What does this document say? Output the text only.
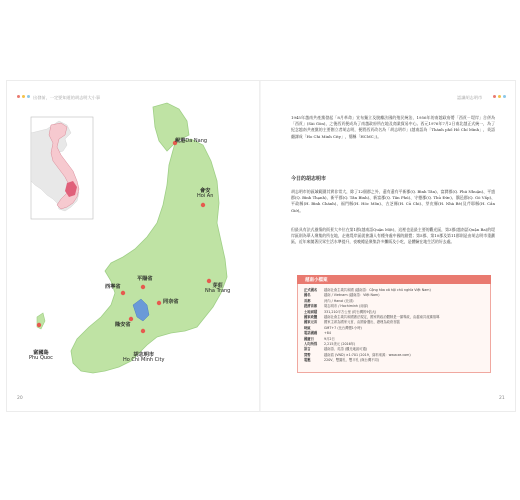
出發前，一定要知道的胡志明大小事
峴港Da Nang
會安
Hoi An
平陽省
西寧省
同奈省
芽莊
Nha Trang
隆安省
富國島
Phu Quoc
胡志明市
Ho Chi Minh City
20
認識胡志明市
1945年越南共產黨發起「8月革命」宣布獨立及脫離法國的殖民統治，1956年的南越政府將「西貢－堤岸」合併為「西貢」(Sài Gòn)，之後西貢便成為了南越政府所在地及商業貿易中心。西元1976年7月2日南北越正式統一，為了紀念越南共產黨的主要創立者胡志明，便將西貢改名為「胡志明市」(越南語為「Thành phố Hồ Chí Minh」，英語翻譯成「Ho Chi Minh City」，簡稱「HCMC」)。
今日的胡志明市
胡志明市的區域範圍其實非常大，除了12個郡之外，還有還有平新郡(Q. Bình Tân)、富潤郡(Q. Phú Nhuận)、平盛郡(Q. Bình Thạnh)、新平郡(Q. Tân Bình)、新富郡(Q. Tân Phú)、守德郡(Q. Thủ Đức)、鵝邑郡(Q. Gò Vấp)、平政縣(H. Bình Chánh)、福門縣(H. Hóc Môn)、古芝縣(H. Củ Chi)、芽皮縣(H. Nhà Bè)及芹耶縣(H. Cần Giờ)。
但最具有法式風情的街景大多位在第1郡(越南語Quận Một)，這裡也是最主要的觀光區，第3郡(越南語Quận Ba)的堤岸區則為華人聚集的所在地，走進堤岸區就會讓人有種身處中國的錯覺；第5郡、第10郡及第11郡則是由胡志明市重劃區，近年來隨著民眾生活水準提升，夜晚總是聚集許多攤販及小吃，是體驗在地生活的好去處。
越南小檔案
正式國名	越南社會主義共和國 (越南語：Cộng hòa xã hội chủ nghĩa Việt Nam)
國名	越南 / Vietnam (越南語：Việt Nam)
首都	河內 / Hanoi (北部)
經濟首都	胡志明市 / Hochiminh (南部)
土地面積	331,210平方公里 (約台灣的9倍大)
國家政體	越南社會主義共和國憲法規定，國家的政治體制是一黨專政，由越南共產黨領導
國家元首	國家主席為國家元首，由國會選出，總理為政府首腦
時區	GMT+7 (比台灣慢1小時)
電話國碼	+84
國慶日	9月2日
人均所得	2,215美元 (2016年)
語言	越南語、英語 (觀光地區可通)
貨幣	越南盾 (VND) ×1:701 (2019，資料來源：www.xe.com)
電壓	220V，雙圓孔、雙平孔 (與台灣不同)
21
